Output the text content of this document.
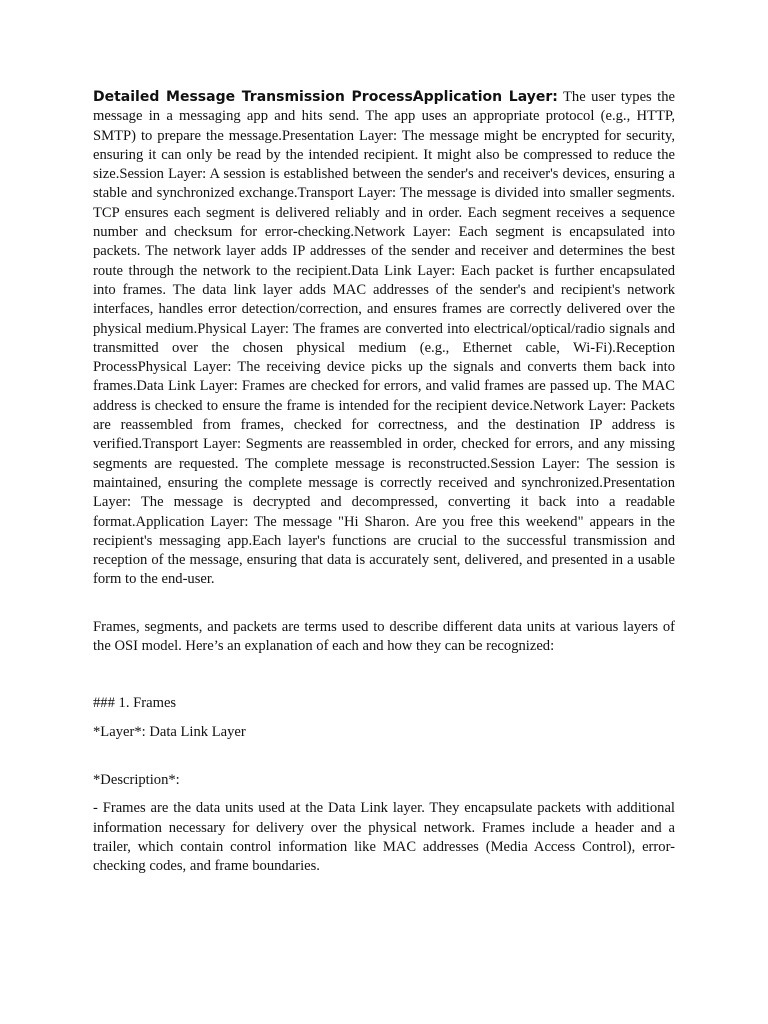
Detailed Message Transmission ProcessApplication Layer: The user types the message in a messaging app and hits send. The app uses an appropriate protocol (e.g., HTTP, SMTP) to prepare the message.Presentation Layer: The message might be encrypted for security, ensuring it can only be read by the intended recipient. It might also be compressed to reduce the size.Session Layer: A session is established between the sender's and receiver's devices, ensuring a stable and synchronized exchange.Transport Layer: The message is divided into smaller segments. TCP ensures each segment is delivered reliably and in order. Each segment receives a sequence number and checksum for error-checking.Network Layer: Each segment is encapsulated into packets. The network layer adds IP addresses of the sender and receiver and determines the best route through the network to the recipient.Data Link Layer: Each packet is further encapsulated into frames. The data link layer adds MAC addresses of the sender's and recipient's network interfaces, handles error detection/correction, and ensures frames are correctly delivered over the physical medium.Physical Layer: The frames are converted into electrical/optical/radio signals and transmitted over the chosen physical medium (e.g., Ethernet cable, Wi-Fi).Reception ProcessPhysical Layer: The receiving device picks up the signals and converts them back into frames.Data Link Layer: Frames are checked for errors, and valid frames are passed up. The MAC address is checked to ensure the frame is intended for the recipient device.Network Layer: Packets are reassembled from frames, checked for correctness, and the destination IP address is verified.Transport Layer: Segments are reassembled in order, checked for errors, and any missing segments are requested. The complete message is reconstructed.Session Layer: The session is maintained, ensuring the complete message is correctly received and synchronized.Presentation Layer: The message is decrypted and decompressed, converting it back into a readable format.Application Layer: The message "Hi Sharon. Are you free this weekend" appears in the recipient's messaging app.Each layer's functions are crucial to the successful transmission and reception of the message, ensuring that data is accurately sent, delivered, and presented in a usable form to the end-user.

Frames, segments, and packets are terms used to describe different data units at various layers of the OSI model. Here’s an explanation of each and how they can be recognized:

### 1. Frames

*Layer*: Data Link Layer

*Description*:

- Frames are the data units used at the Data Link layer. They encapsulate packets with additional information necessary for delivery over the physical network. Frames include a header and a trailer, which contain control information like MAC addresses (Media Access Control), error-checking codes, and frame boundaries.
